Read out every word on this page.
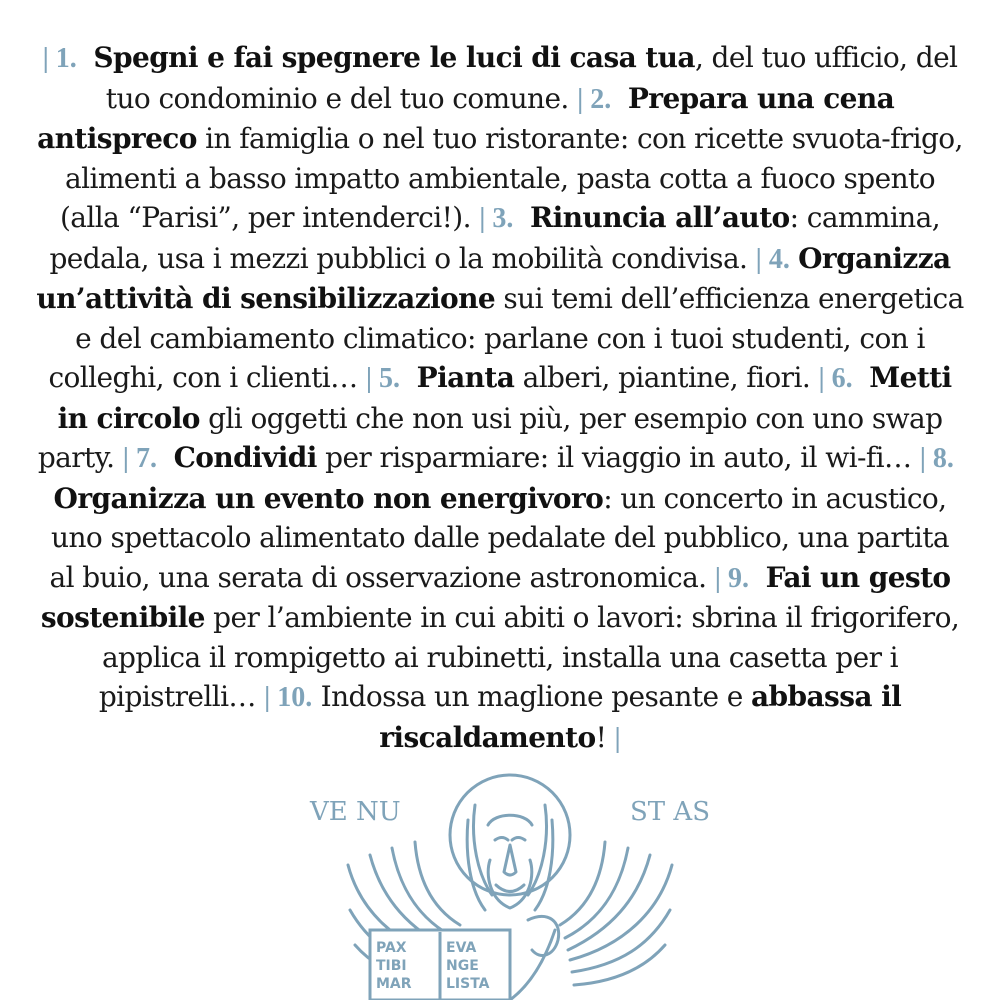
| 1. Spegni e fai spegnere le luci di casa tua, del tuo ufficio, del tuo condominio e del tuo comune. | 2. Prepara una cena antispreco in famiglia o nel tuo ristorante: con ricette svuota-frigo, alimenti a basso impatto ambientale, pasta cotta a fuoco spento (alla “Parisi”, per intenderci!). | 3. Rinuncia all’auto: cammina, pedala, usa i mezzi pubblici o la mobilità condivisa. | 4. Organizza un’attività di sensibilizzazione sui temi dell’efficienza energetica e del cambiamento climatico: parlane con i tuoi studenti, con i colleghi, con i clienti… | 5. Pianta alberi, piantine, fiori. | 6. Metti in circolo gli oggetti che non usi più, per esempio con uno swap party. | 7. Condividi per risparmiare: il viaggio in auto, il wi-fi… | 8.  Organizza un evento non energivoro: un concerto in acustico, uno spettacolo alimentato dalle pedalate del pubblico, una partita al buio, una serata di osservazione astronomica. | 9. Fai un gesto sostenibile per l’ambiente in cui abiti o lavori: sbrina il frigorifero, applica il rompigetto ai rubinetti, installa una casetta per i pipistrelli… | 10. Indossa un maglione pesante e abbassa il riscaldamento! |

PAX
TIBI
MAR
EVA
NGE
LISTA
VE NU	ST AS
